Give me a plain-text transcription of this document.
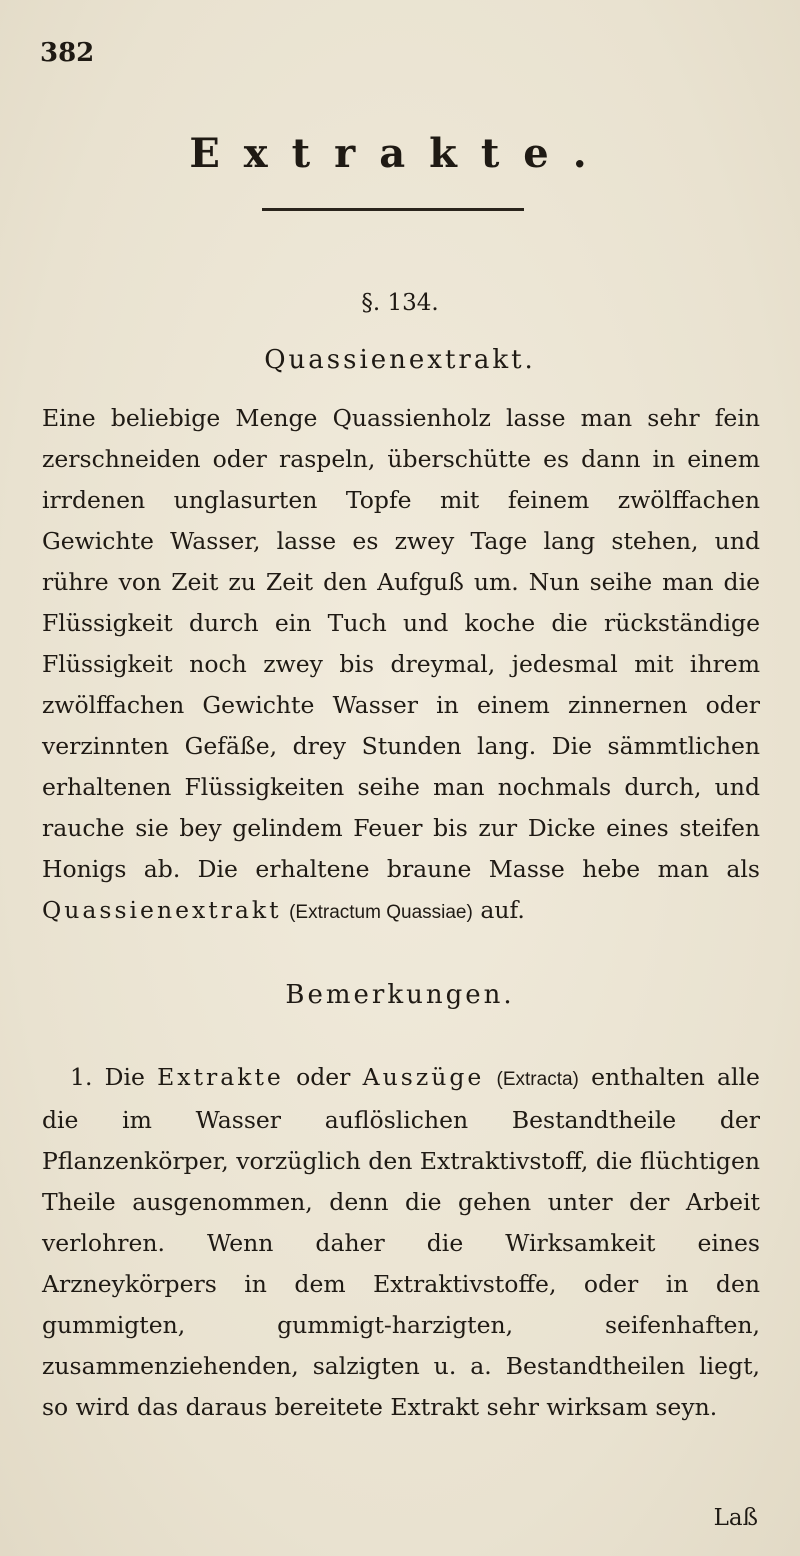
382
Extrakte.
§. 134.
Quassienextrakt.

Eine beliebige Menge Quassienholz lasse man sehr fein zerschneiden oder raspeln, überschütte es dann in einem irrdenen unglasurten Topfe mit feinem zwölffachen Gewichte Wasser, lasse es zwey Tage lang stehen, und rühre von Zeit zu Zeit den Aufguß um. Nun seihe man die Flüssigkeit durch ein Tuch und koche die rückständige Flüssigkeit noch zwey bis dreymal, jedesmal mit ihrem zwölffachen Gewichte Wasser in einem zinnernen oder verzinnten Gefäße, drey Stunden lang. Die sämmtlichen erhaltenen Flüssigkeiten seihe man nochmals durch, und rauche sie bey gelindem Feuer bis zur Dicke eines steifen Honigs ab. Die erhaltene braune Masse hebe man als Quassienextrakt (Extractum Quassiae) auf.

Bemerkungen.

1. Die Extrakte oder Auszüge (Extracta) enthalten alle die im Wasser auflöslichen Bestandtheile der Pflanzenkörper, vorzüglich den Extraktivstoff, die flüchtigen Theile ausgenommen, denn die gehen unter der Arbeit verlohren. Wenn daher die Wirksamkeit eines Arzneykörpers in dem Extraktivstoffe, oder in den gummigten, gummigt-harzigten, seifenhaften, zusammenziehenden, salzigten u. a. Bestandtheilen liegt, so wird das daraus bereitete Extrakt sehr wirksam seyn.

Laß
